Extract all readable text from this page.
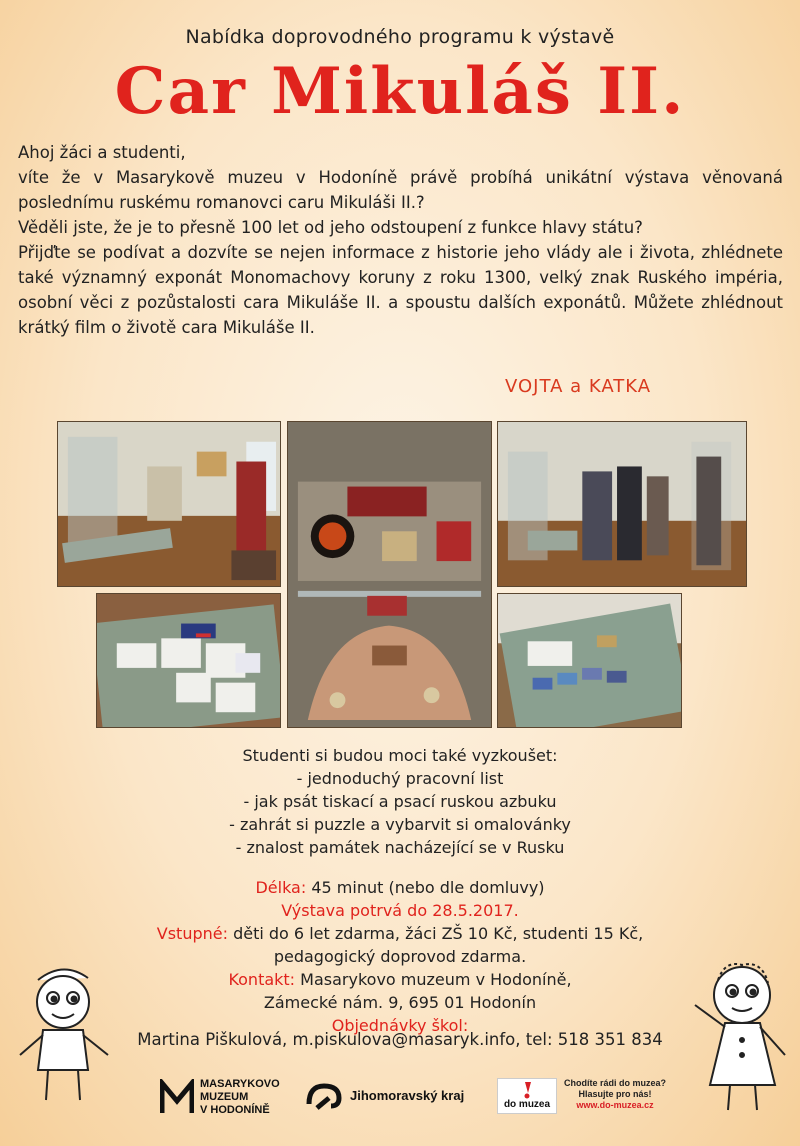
Nabídka doprovodného programu k výstavě
Car Mikuláš II.

Ahoj žáci a studenti,

víte že v Masarykově muzeu v Hodoníně právě probíhá unikátní výstava věnovaná poslednímu ruskému romanovci caru Mikuláši II.?

Věděli jste, že je to přesně 100 let od jeho odstoupení z funkce hlavy státu?

Přijďte se podívat a dozvíte se nejen informace z historie jeho vlády ale i života, zhlédnete také významný exponát Monomachovy koruny z roku 1300, velký znak Ruského impéria, osobní věci z pozůstalosti cara Mikuláše II. a spoustu dalších exponátů. Můžete zhlédnout krátký film o životě cara Mikuláše II.

VOJTA a KATKA
Studenti si budou moci také vyzkoušet:
- jednoduchý pracovní list
- jak psát tiskací a psací ruskou azbuku
- zahrát si puzzle a vybarvit si omalovánky
- znalost památek nacházející se v Rusku
Délka: 45 minut (nebo dle domluvy)
Výstava potrvá do 28.5.2017.
Vstupné: děti do 6 let zdarma, žáci ZŠ 10 Kč, studenti 15 Kč,
pedagogický doprovod zdarma.
Kontakt: Masarykovo muzeum v Hodoníně,
Zámecké nám. 9, 695 01 Hodonín
Objednávky škol:
Martina Piškulová, m.piskulova@masaryk.info, tel: 518 351 834
MASARYKOVO
MUZEUM
V HODONÍNĚ
Jihomoravský kraj
do muzea
Chodíte rádi do muzea?
Hlasujte pro nás!
www.do-muzea.cz
